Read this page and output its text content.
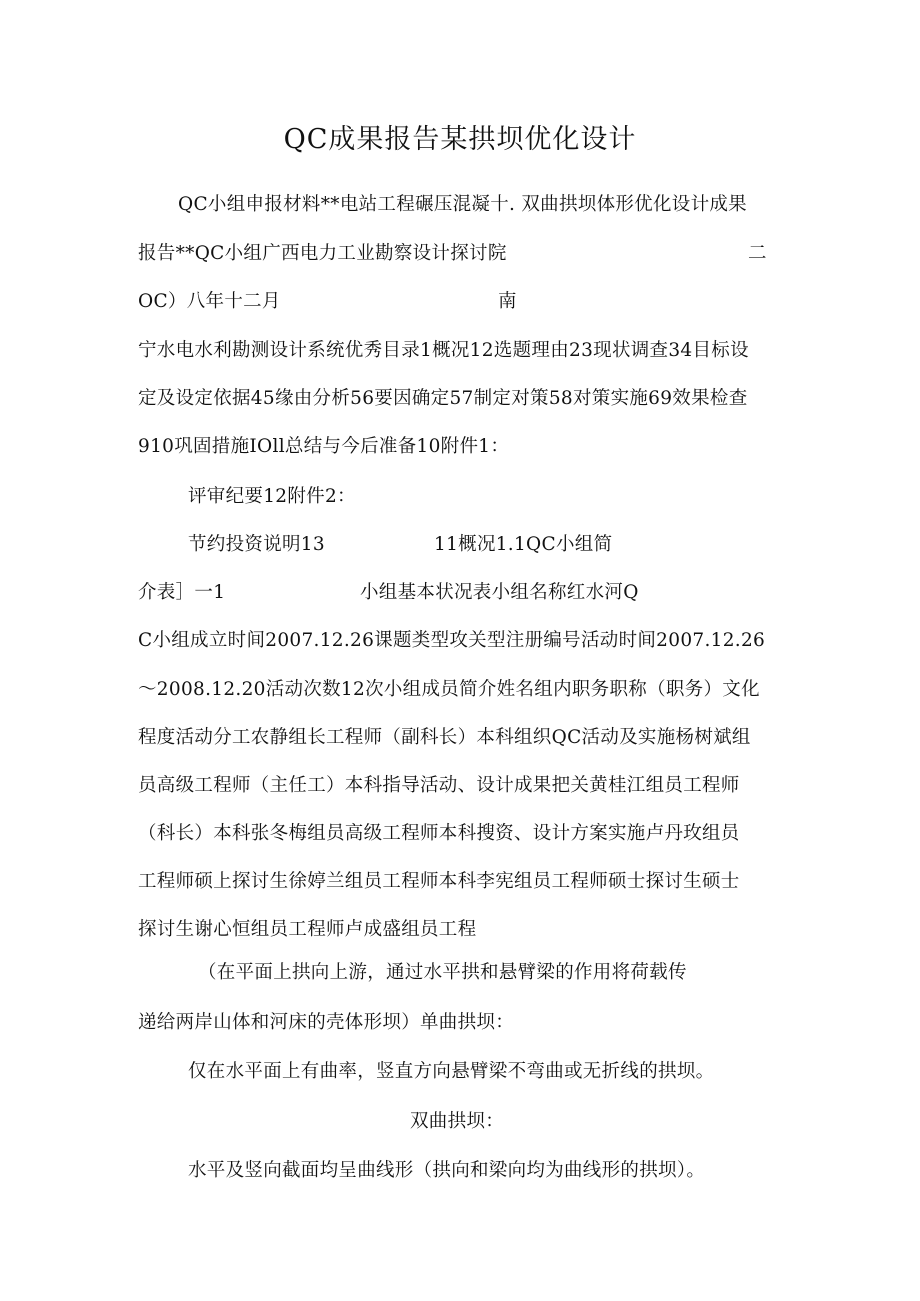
QC成果报告某拱坝优化设计
QC小组申报材料**电站工程碾压混凝十. 双曲拱坝体形优化设计成果
报告**QC小组广西电力工业勘察设计探讨院	二
OC）八年十二月	南
宁水电水利勘测设计系统优秀目录1概况12选题理由23现状调查34目标设
定及设定依据45缘由分析56要因确定57制定对策58对策实施69效果检查
910巩固措施IOll总结与今后准备10附件1：
评审纪要12附件2：
节约投资说明13	11概况1.1QC小组简
介表］一1	小组基本状况表小组名称红水河Q
C小组成立时间2007.12.26课题类型攻关型注册编号活动时间2007.12.26
～2008.12.20活动次数12次小组成员简介姓名组内职务职称（职务）文化
程度活动分工农静组长工程师（副科长）本科组织QC活动及实施杨树斌组
员高级工程师（主任工）本科指导活动、设计成果把关黄桂江组员工程师
（科长）本科张冬梅组员高级工程师本科搜资、设计方案实施卢丹玫组员
工程师硕上探讨生徐婷兰组员工程师本科李宪组员工程师硕士探讨生硕士
探讨生谢心恒组员工程师卢成盛组员工程
（在平面上拱向上游，通过水平拱和悬臂梁的作用将荷载传
递给两岸山体和河床的壳体形坝）单曲拱坝：
仅在水平面上有曲率，竖直方向悬臂梁不弯曲或无折线的拱坝。
双曲拱坝：
水平及竖向截面均呈曲线形（拱向和梁向均为曲线形的拱坝）。
